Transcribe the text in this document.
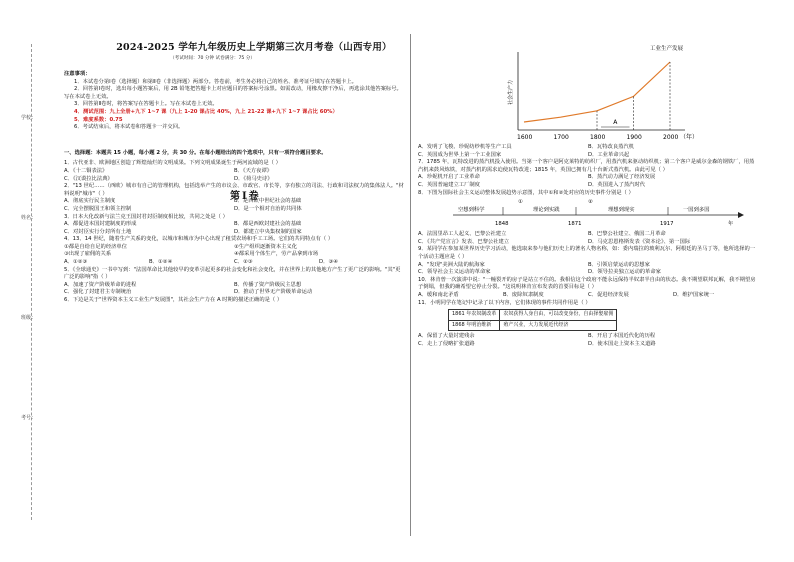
学校：
姓名：
班级：
考号：
2024-2025 学年九年级历史上学期第三次月考卷（山西专用）
（考试时间：70 分钟 试卷满分：75 分）

注意事项：

1．本试卷分第Ⅰ卷（选择题）和第Ⅱ卷（非选择题）两部分。答卷前，考生务必将自己的姓名、准考证号填写在答题卡上。

2．回答第Ⅰ卷时，选出每小题答案后，用 2B 铅笔把答题卡上对应题目的答案标号涂黑。如需改动，用橡皮擦干净后，再选涂其他答案标号。写在本试卷上无效。

3．回答第Ⅱ卷时，将答案写在答题卡上。写在本试卷上无效。

4．测试范围：九上全册+九下 1~7 课（九上 1-20 课占比 40%，九上 21-22 课+九下 1~7 课占比 60%）

5．难度系数：0.75

6．考试结束后，将本试卷和答题卡一并交回。

一、选择题：本题共 15 小题，每小题 2 分，共 30 分。在每小题给出的四个选项中，只有一项符合题目要求。

1．古代亚非、欧洲地区创造了辉煌灿烂的文明成果。下列文明成果诞生于两河流域的是（ ）

A．《十二铜表法》	B．《天方夜谭》
C．《汉谟拉比法典》	D．《荷马史诗》

2．"13 世纪……（西欧）城市有自己的管理机构，包括选举产生的市议会、市政官、市长等，享有独立的司法、行政和司法权力的集体法人。"材料说明"城市"（ ）

A．彻底实行民主制度	B．是西欧中世纪社会的基础
C．完全摆脱国王和领主控制	D．是一个相对自治的共同体

3．日本大化改新与法兰克王国封君封臣制度相比较，共同之处是（ ）

A．都促进本国封建制度的形成	B．都是西欧封建社会的基础
C．对封臣实行分封所有土地	D．都建立中央集权制的国家

4．13、14 世纪，随着生产关系的变化，以城市和城市为中心出现了租赁农场和手工工场。它们的共同特点有（ ）

①都是自给自足的经济单位	②生产组织逐渐资本主义化
③出现了雇佣的关系	④都采用个体生产，劳产品拿到市场
A．①②③	B．①②④	C．②③	D．③④

5．《全球通史》一书中写到："法国革命比其他较早的变革引起更多的社会变化和社会变化，并在世界上的其他地方产生了更广泛的影响。"其"更广泛的影响"指（ ）

A．加速了资产阶级革命的进程	B．传播了资产阶级民主思想
C．强化了封建君主专制统治	D．推动了世界无产阶级革命运动

6．下边是关于"世界资本主义工业生产发展图"，其社会生产力在 A 时期的描述正确的是（ ）

第Ⅰ卷
工业生产发展
社会生产力
1600	1700	1800	1900	2000 （年）
A
A．发明了飞梭、珍妮纺纱机等生产工具	B．瓦特改良蒸汽机
C．英国成为世界上第一个工业国家	D．工业革命兴起

7．1785 年，瓦特改进的蒸汽机投入使用。当第一个客户是阿克莱特的纺织厂，用蒸汽机来驱动纺织机；第二个客户是威尔金森的钢铁厂，用蒸汽机来鼓风炼铁，对蒸汽机的需求迫使瓦特改进；1815 年，英国已拥有几十台新式蒸汽机。由此可见（ ）

A．珍妮机开启了工业革命	B．蒸汽动力满足了经济发展
C．英国普遍建立工厂制度	D．英国进入了蒸汽时代

8．下图为国际社会主义运动整体发展趋势示意图，其中①和②处对应的历史事件分别是（ ）

空想到科学	理论到实践	理想到现实	一国到多国
①	②
1848	1871	1917	年
A．法国里昂工人起义、巴黎公社建立	B．巴黎公社建立、俄国二月革命
C．《共产党宣言》发表、巴黎公社建立	D．马克思恩格斯发表《资本论》、第一国际

9．某同学在参加某世界历史学习活动，他选取来参与他们历史上的著名人物名称，如：委内瑞拉的玻利瓦尔、阿根廷的圣马丁等，他所选择的一个活动主题应是（ ）

A．"发现"美洲大陆的航海家	B．引领启蒙运动的思想家
C．领导社会主义运动的革命家	D．领导拉美独立运动的革命家

10．林肯曾一次演讲中说："一幢裂开的房子是站立不住的。我相信这个政府不能永远保持半奴隶半自由的状态。我不期望联邦瓦解，我不期望房子倒塌，但我的确希望它停止分裂。"这说明林肯宣布发表的首要目标是（ ）

A．缓和南北矛盾	B．废除奴隶制度	C．促进经济发展	D．维护国家统一

11．小明同学在笔记中记录了以下内容，它们体现的事件共同作用是（ ）

1861 年农奴制改革	农奴获得人身自由，可以改变身份，自由择娶雇佣
1868 年明治维新	殖产兴业，大力发展近代经济
A．保留了大量封建残余	B．开启了本国近代化的历程
C．走上了侵略扩张道路	D．使本国走上资本主义道路
